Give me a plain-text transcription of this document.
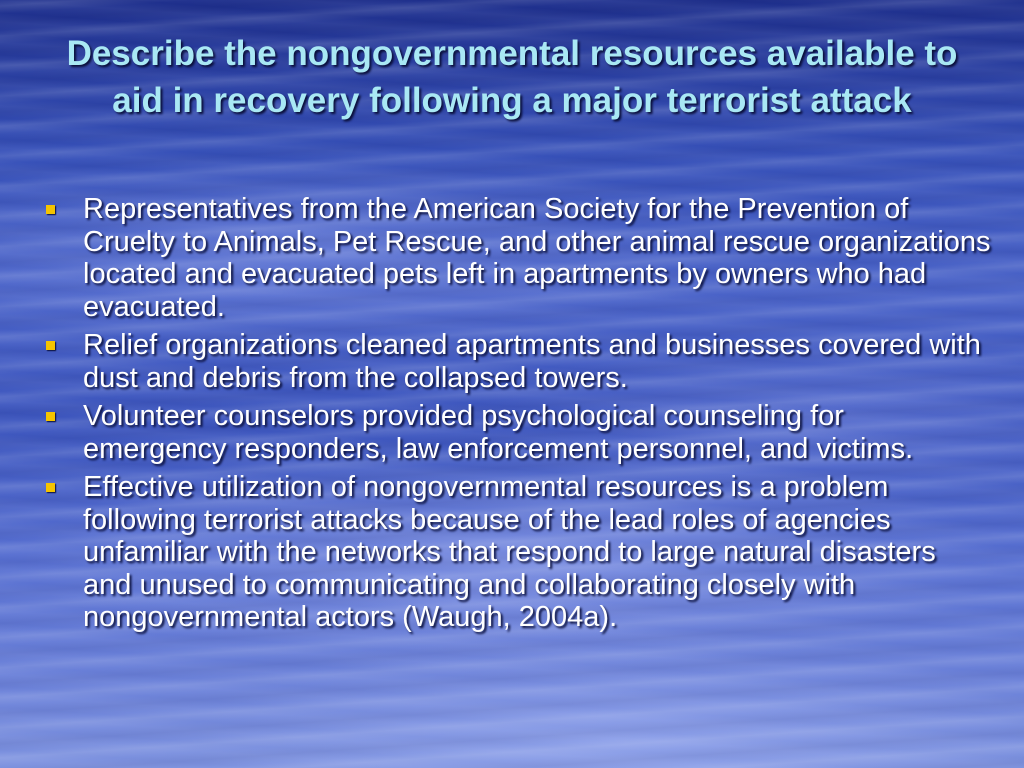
Describe the nongovernmental resources available to aid in recovery following a major terrorist attack
Representatives from the American Society for the Prevention of Cruelty to Animals, Pet Rescue, and other animal rescue organizations located and evacuated pets left in apartments by owners who had evacuated.
Relief organizations cleaned apartments and businesses covered with dust and debris from the collapsed towers.
Volunteer counselors provided psychological counseling for emergency responders, law enforcement personnel, and victims.
Effective utilization of nongovernmental resources is a problem following terrorist attacks because of the lead roles of agencies unfamiliar with the networks that respond to large natural disasters and unused to communicating and collaborating closely with nongovernmental actors (Waugh, 2004a).
